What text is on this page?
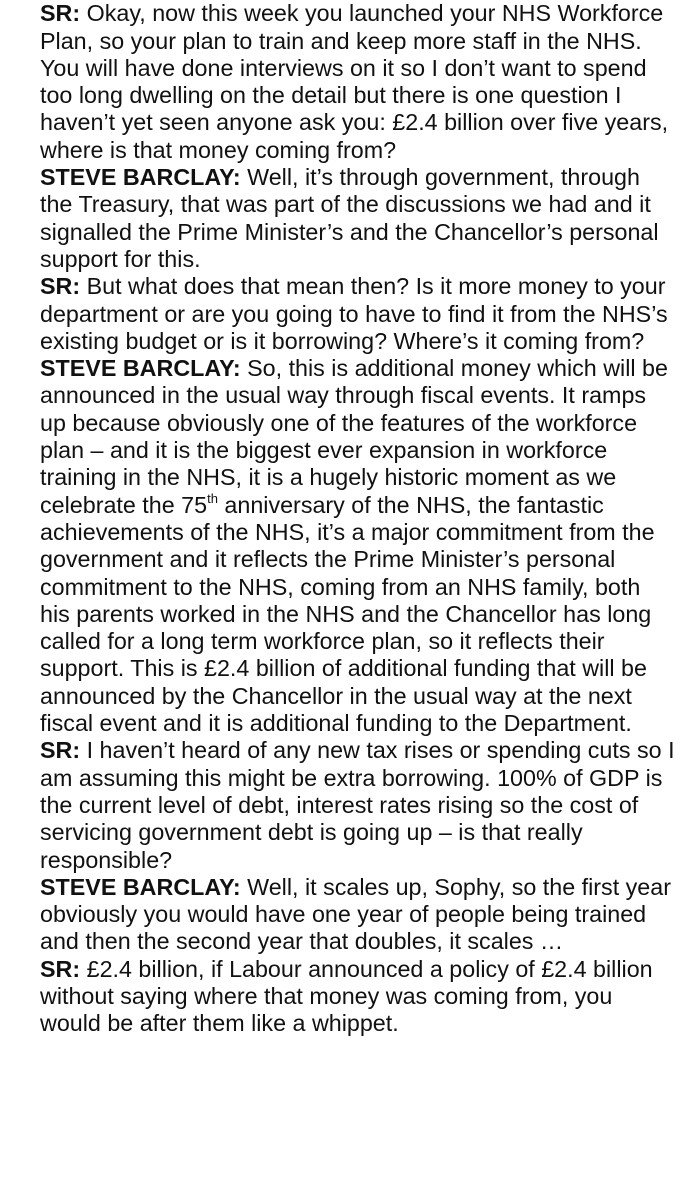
SR: Okay, now this week you launched your NHS Workforce Plan, so your plan to train and keep more staff in the NHS. You will have done interviews on it so I don’t want to spend too long dwelling on the detail but there is one question I haven’t yet seen anyone ask you: £2.4 billion over five years, where is that money coming from?

STEVE BARCLAY: Well, it’s through government, through the Treasury, that was part of the discussions we had and it signalled the Prime Minister’s and the Chancellor’s personal support for this.

SR: But what does that mean then? Is it more money to your department or are you going to have to find it from the NHS’s existing budget or is it borrowing? Where’s it coming from?

STEVE BARCLAY: So, this is additional money which will be announced in the usual way through fiscal events. It ramps up because obviously one of the features of the workforce plan – and it is the biggest ever expansion in workforce training in the NHS, it is a hugely historic moment as we celebrate the 75th anniversary of the NHS, the fantastic achievements of the NHS, it’s a major commitment from the government and it reflects the Prime Minister’s personal commitment to the NHS, coming from an NHS family, both his parents worked in the NHS and the Chancellor has long called for a long term workforce plan, so it reflects their support. This is £2.4 billion of additional funding that will be announced by the Chancellor in the usual way at the next fiscal event and it is additional funding to the Department.

SR: I haven’t heard of any new tax rises or spending cuts so I am assuming this might be extra borrowing. 100% of GDP is the current level of debt, interest rates rising so the cost of servicing government debt is going up – is that really responsible?

STEVE BARCLAY: Well, it scales up, Sophy, so the first year obviously you would have one year of people being trained and then the second year that doubles, it scales …

SR: £2.4 billion, if Labour announced a policy of £2.4 billion without saying where that money was coming from, you would be after them like a whippet.
